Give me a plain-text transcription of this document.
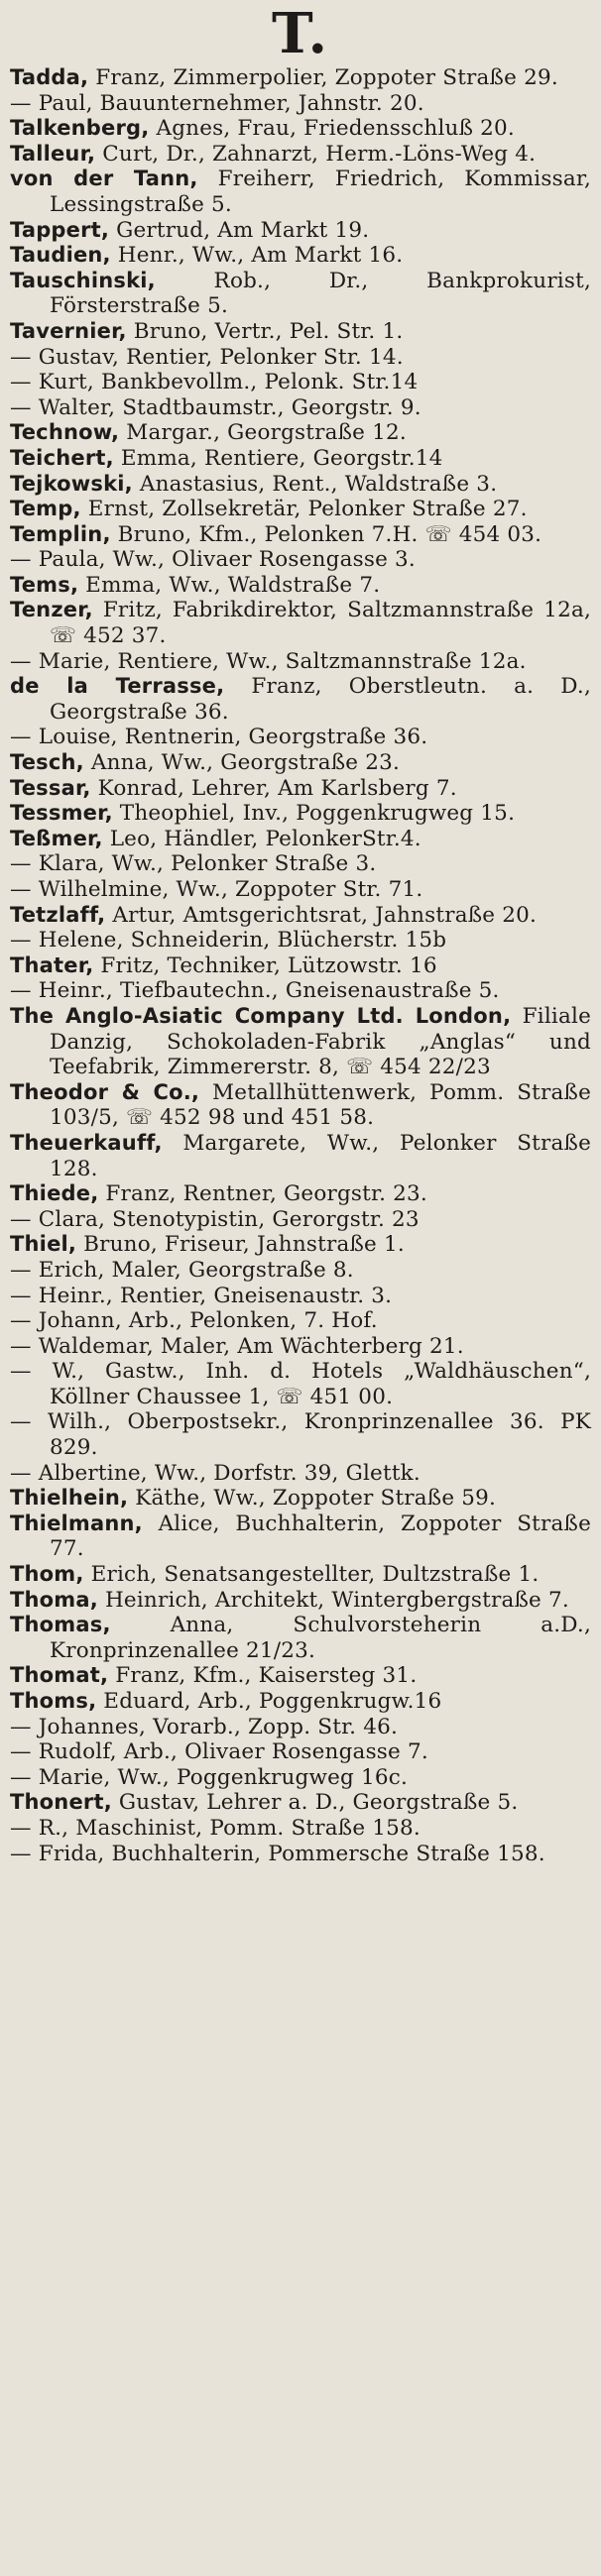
T.

Tadda, Franz, Zimmerpolier, Zoppoter Straße 29.

— Paul, Bauunternehmer, Jahnstr. 20.

Talkenberg, Agnes, Frau, Friedensschluß 20.

Talleur, Curt, Dr., Zahnarzt, Herm.-Löns-Weg 4.

von der Tann, Freiherr, Friedrich, Kommissar, Lessingstraße 5.

Tappert, Gertrud, Am Markt 19.

Taudien, Henr., Ww., Am Markt 16.

Tauschinski, Rob., Dr., Bankprokurist, Försterstraße 5.

Tavernier, Bruno, Vertr., Pel. Str. 1.

— Gustav, Rentier, Pelonker Str. 14.

— Kurt, Bankbevollm., Pelonk. Str.14

— Walter, Stadtbaumstr., Georgstr. 9.

Technow, Margar., Georgstraße 12.

Teichert, Emma, Rentiere, Georgstr.14

Tejkowski, Anastasius, Rent., Waldstraße 3.

Temp, Ernst, Zollsekretär, Pelonker Straße 27.

Templin, Bruno, Kfm., Pelonken 7.H. ☏ 454 03.

— Paula, Ww., Olivaer Rosengasse 3.

Tems, Emma, Ww., Waldstraße 7.

Tenzer, Fritz, Fabrikdirektor, Saltzmannstraße 12a, ☏ 452 37.

— Marie, Rentiere, Ww., Saltzmannstraße 12a.

de la Terrasse, Franz, Oberstleutn. a. D., Georgstraße 36.

— Louise, Rentnerin, Georgstraße 36.

Tesch, Anna, Ww., Georgstraße 23.

Tessar, Konrad, Lehrer, Am Karlsberg 7.

Tessmer, Theophiel, Inv., Poggenkrugweg 15.

Teßmer, Leo, Händler, PelonkerStr.4.

— Klara, Ww., Pelonker Straße 3.

— Wilhelmine, Ww., Zoppoter Str. 71.

Tetzlaff, Artur, Amtsgerichtsrat, Jahnstraße 20.

— Helene, Schneiderin, Blücherstr. 15b

Thater, Fritz, Techniker, Lützowstr. 16

— Heinr., Tiefbautechn., Gneisenaustraße 5.

The Anglo-Asiatic Company Ltd. London, Filiale Danzig, Schokoladen-Fabrik „Anglas“ und Teefabrik, Zimmererstr. 8, ☏ 454 22/23

Theodor & Co., Metallhüttenwerk, Pomm. Straße 103/5, ☏ 452 98 und 451 58.

Theuerkauff, Margarete, Ww., Pelonker Straße 128.

Thiede, Franz, Rentner, Georgstr. 23.

— Clara, Stenotypistin, Gerorgstr. 23

Thiel, Bruno, Friseur, Jahnstraße 1.

— Erich, Maler, Georgstraße 8.

— Heinr., Rentier, Gneisenaustr. 3.

— Johann, Arb., Pelonken, 7. Hof.

— Waldemar, Maler, Am Wächterberg 21.

— W., Gastw., Inh. d. Hotels „Waldhäuschen“, Köllner Chaussee 1, ☏ 451 00.

— Wilh., Oberpostsekr., Kronprinzenallee 36. PK 829.

— Albertine, Ww., Dorfstr. 39, Glettk.

Thielhein, Käthe, Ww., Zoppoter Straße 59.

Thielmann, Alice, Buchhalterin, Zoppoter Straße 77.

Thom, Erich, Senatsangestellter, Dultzstraße 1.

Thoma, Heinrich, Architekt, Wintergbergstraße 7.

Thomas, Anna, Schulvorsteherin a.D., Kronprinzenallee 21/23.

Thomat, Franz, Kfm., Kaisersteg 31.

Thoms, Eduard, Arb., Poggenkrugw.16

— Johannes, Vorarb., Zopp. Str. 46.

— Rudolf, Arb., Olivaer Rosengasse 7.

— Marie, Ww., Poggenkrugweg 16c.

Thonert, Gustav, Lehrer a. D., Georgstraße 5.

— R., Maschinist, Pomm. Straße 158.

— Frida, Buchhalterin, Pommersche Straße 158.
